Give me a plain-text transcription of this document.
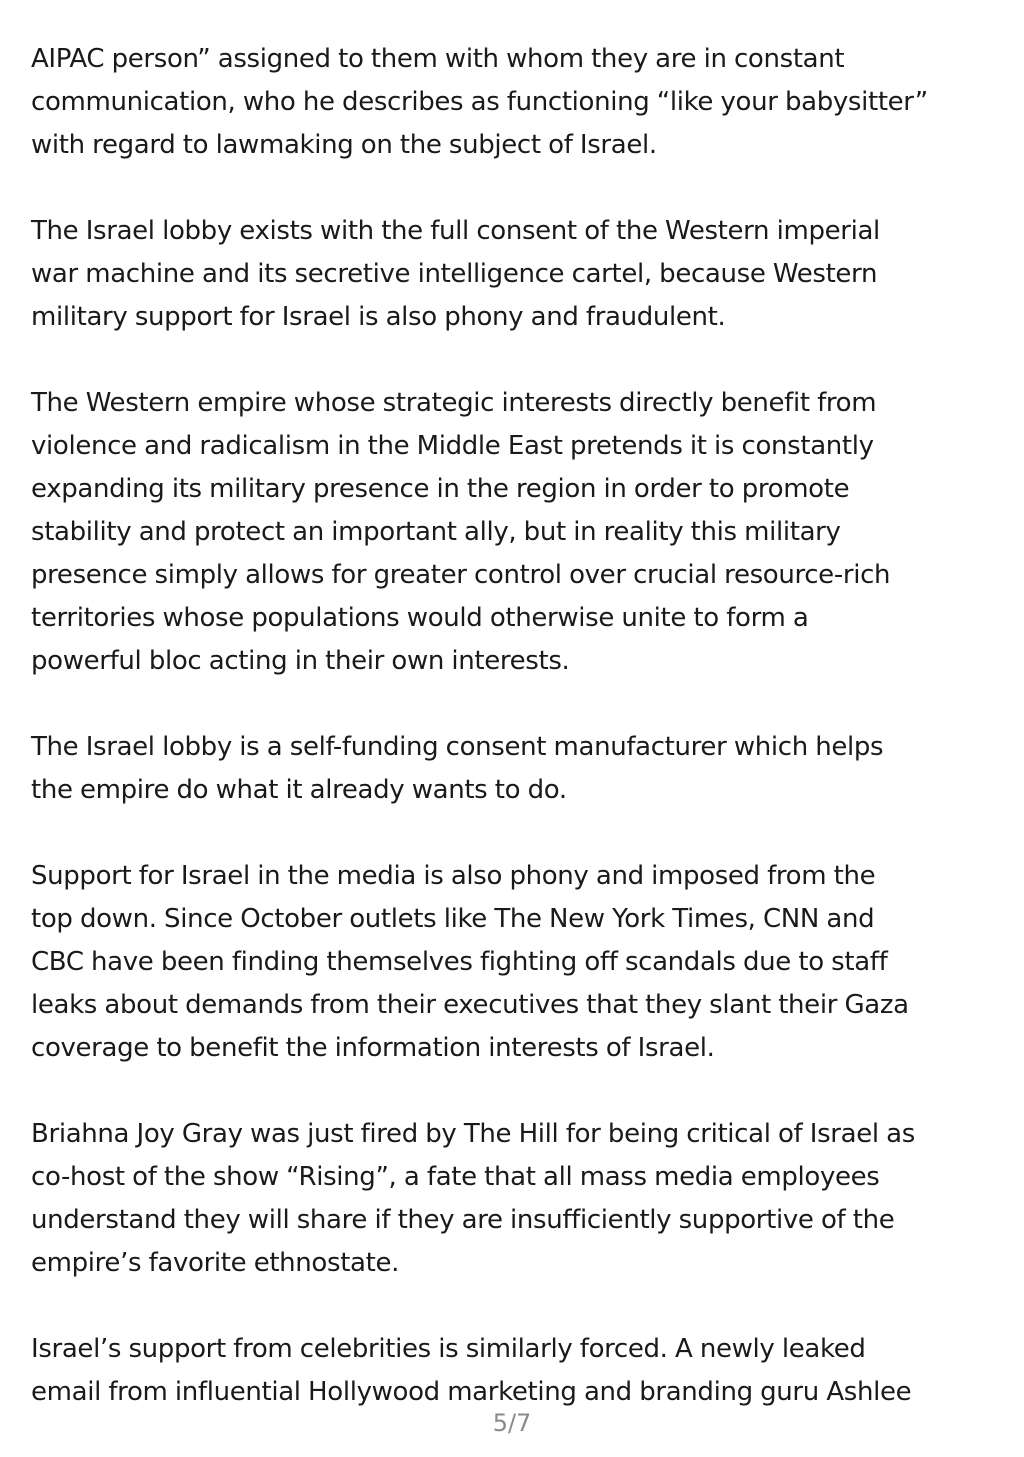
AIPAC person” assigned to them with whom they are in constant
communication, who he describes as functioning “like your babysitter”
with regard to lawmaking on the subject of Israel.

The Israel lobby exists with the full consent of the Western imperial
war machine and its secretive intelligence cartel, because Western
military support for Israel is also phony and fraudulent.

The Western empire whose strategic interests directly benefit from
violence and radicalism in the Middle East pretends it is constantly
expanding its military presence in the region in order to promote
stability and protect an important ally, but in reality this military
presence simply allows for greater control over crucial resource-rich
territories whose populations would otherwise unite to form a
powerful bloc acting in their own interests.

The Israel lobby is a self-funding consent manufacturer which helps
the empire do what it already wants to do.

Support for Israel in the media is also phony and imposed from the
top down. Since October outlets like The New York Times, CNN and
CBC have been finding themselves fighting off scandals due to staff
leaks about demands from their executives that they slant their Gaza
coverage to benefit the information interests of Israel.

Briahna Joy Gray was just fired by The Hill for being critical of Israel as
co-host of the show “Rising”, a fate that all mass media employees
understand they will share if they are insufficiently supportive of the
empire’s favorite ethnostate.

Israel’s support from celebrities is similarly forced. A newly leaked
email from influential Hollywood marketing and branding guru Ashlee

5/7
